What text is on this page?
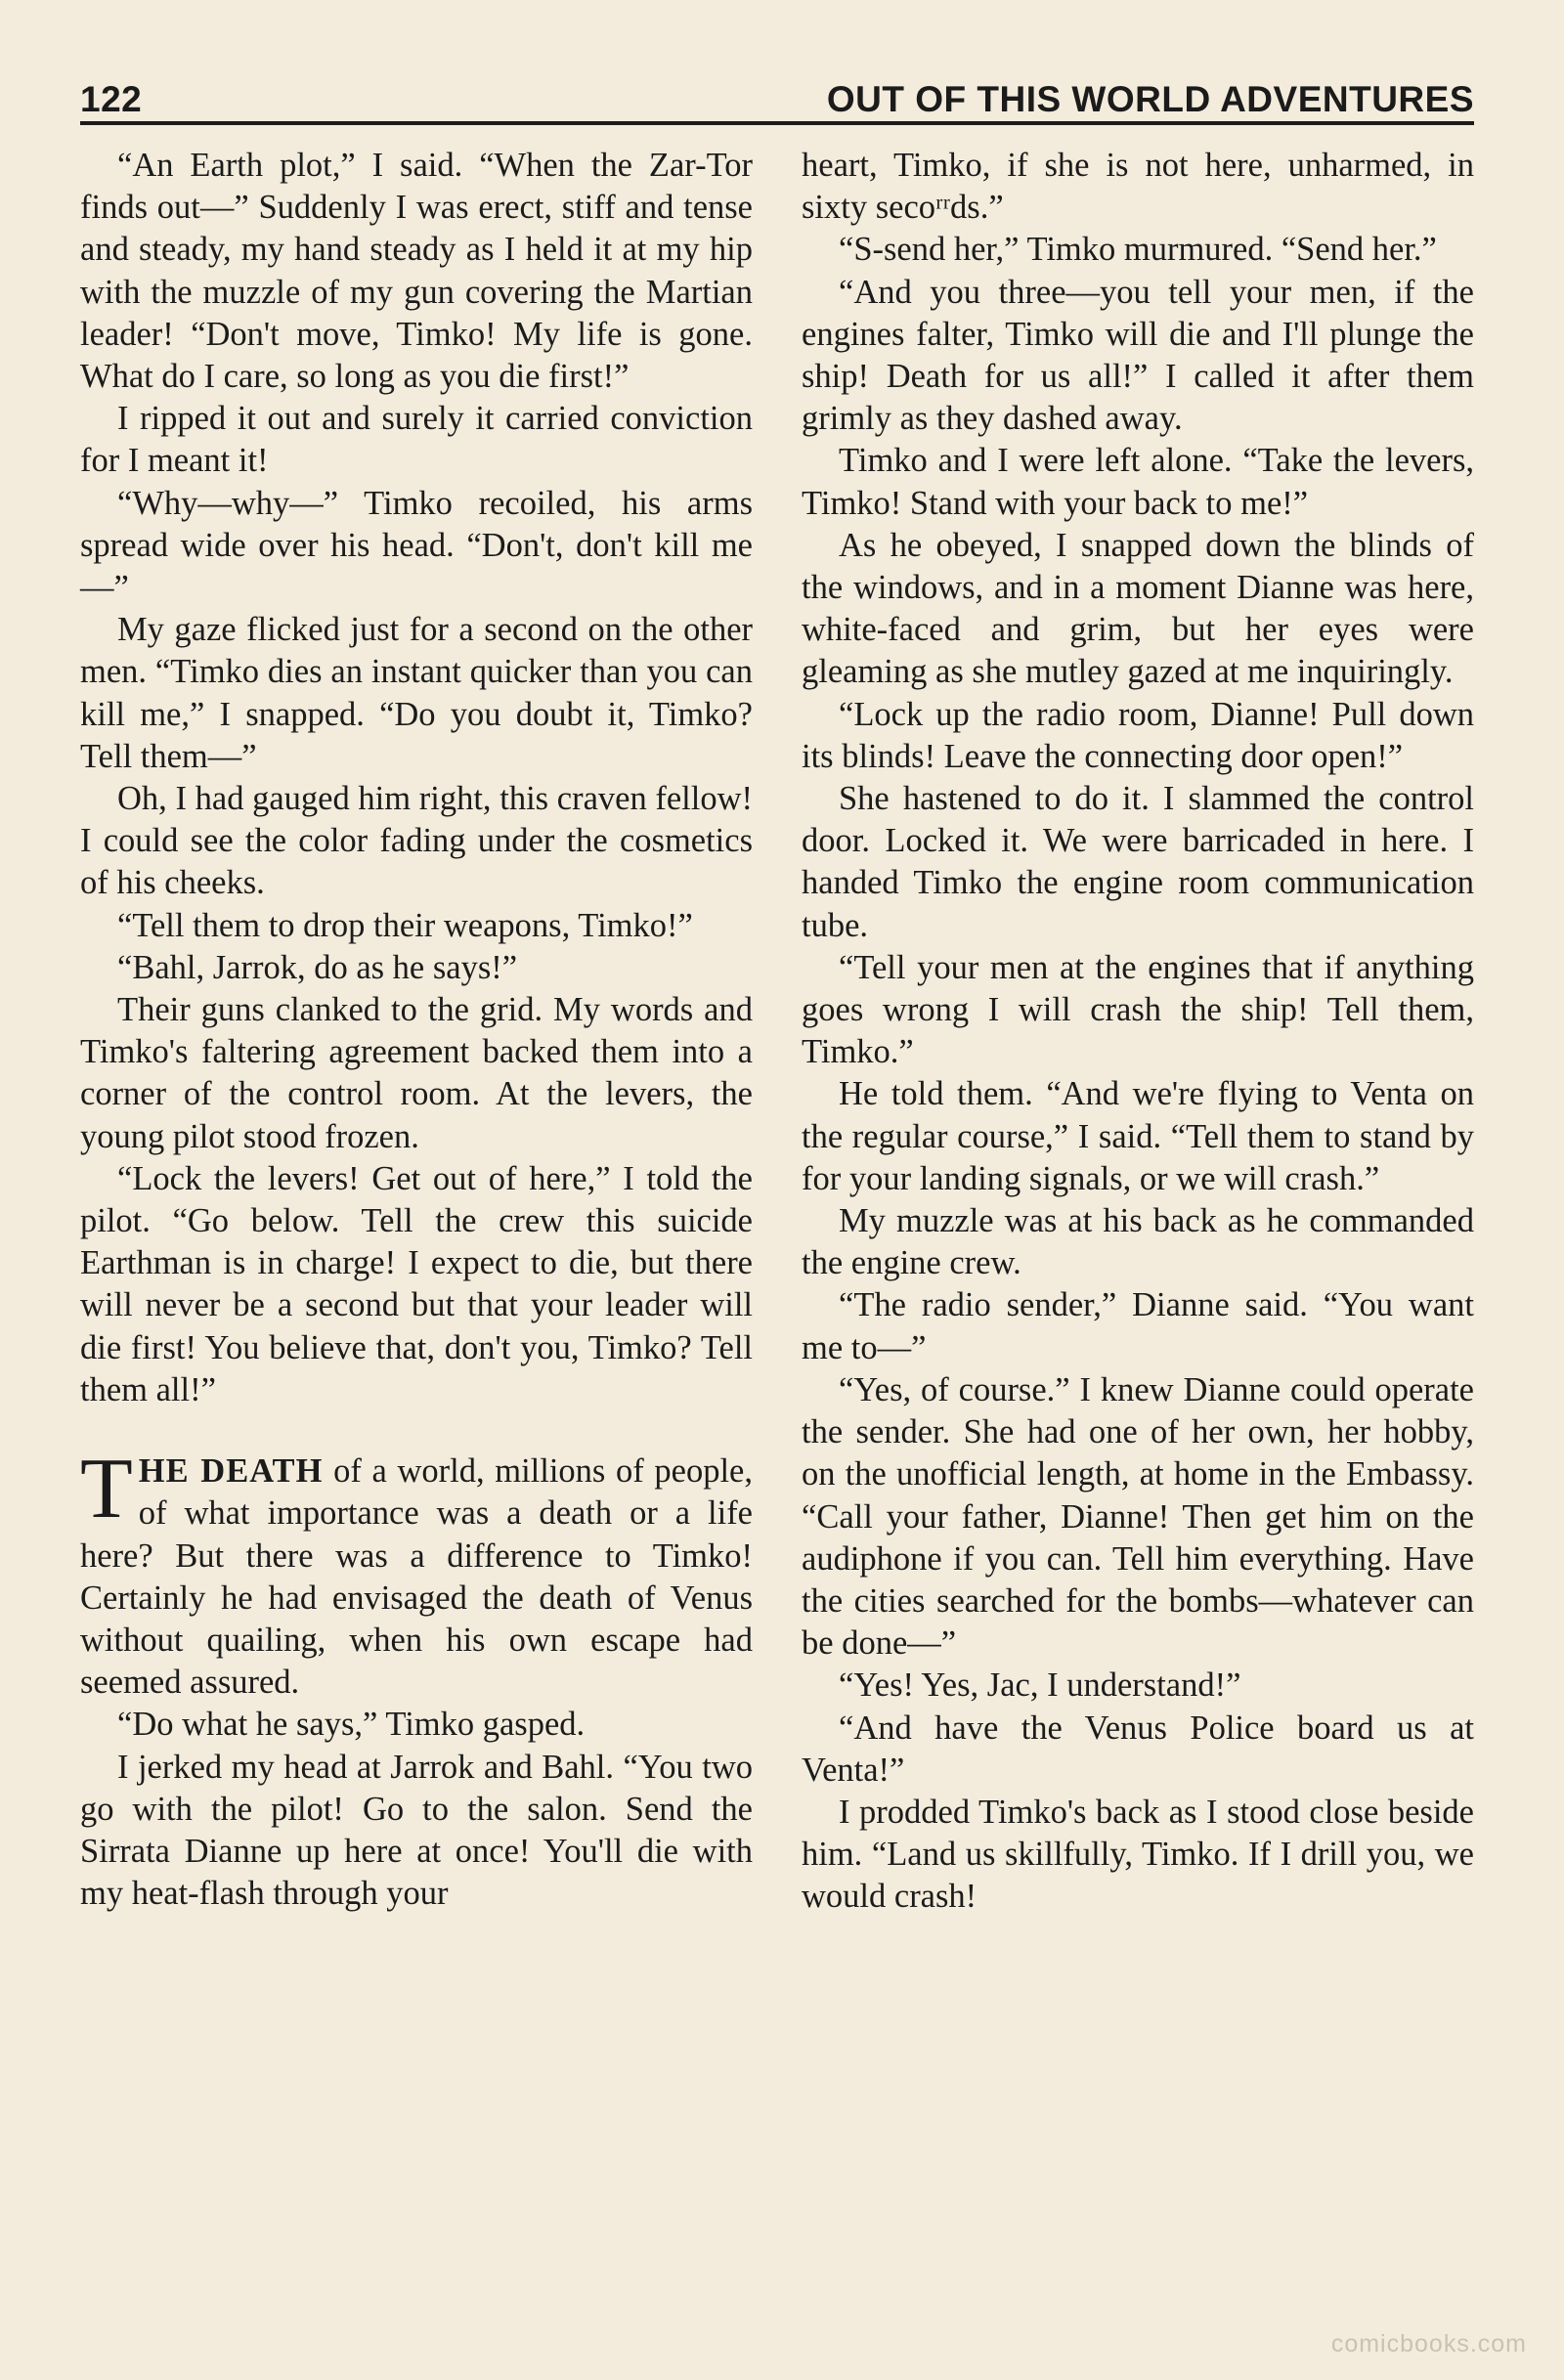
122	OUT OF THIS WORLD ADVENTURES

“An Earth plot,” I said. “When the Zar-Tor finds out—” Suddenly I was erect, stiff and tense and steady, my hand steady as I held it at my hip with the muzzle of my gun covering the Martian leader! “Don't move, Timko! My life is gone. What do I care, so long as you die first!”

I ripped it out and surely it carried conviction for I meant it!

“Why—why—” Timko recoiled, his arms spread wide over his head. “Don't, don't kill me—”

My gaze flicked just for a second on the other men. “Timko dies an instant quicker than you can kill me,” I snapped. “Do you doubt it, Timko? Tell them—”

Oh, I had gauged him right, this craven fellow! I could see the color fading under the cosmetics of his cheeks.

“Tell them to drop their weapons, Timko!”

“Bahl, Jarrok, do as he says!”

Their guns clanked to the grid. My words and Timko's faltering agreement backed them into a corner of the control room. At the levers, the young pilot stood frozen.

“Lock the levers! Get out of here,” I told the pilot. “Go below. Tell the crew this suicide Earthman is in charge! I expect to die, but there will never be a second but that your leader will die first! You believe that, don't you, Timko? Tell them all!”

THE DEATH of a world, millions of people, of what importance was a death or a life here? But there was a difference to Timko! Certainly he had envisaged the death of Venus without quailing, when his own escape had seemed assured.

“Do what he says,” Timko gasped.

I jerked my head at Jarrok and Bahl. “You two go with the pilot! Go to the salon. Send the Sirrata Dianne up here at once! You'll die with my heat-flash through your

heart, Timko, if she is not here, unharmed, in sixty secoʳʳds.”

“S-send her,” Timko murmured. “Send her.”

“And you three—you tell your men, if the engines falter, Timko will die and I'll plunge the ship! Death for us all!” I called it after them grimly as they dashed away.

Timko and I were left alone. “Take the levers, Timko! Stand with your back to me!”

As he obeyed, I snapped down the blinds of the windows, and in a moment Dianne was here, white-faced and grim, but her eyes were gleaming as she mutley gazed at me inquiringly.

“Lock up the radio room, Dianne! Pull down its blinds! Leave the connecting door open!”

She hastened to do it. I slammed the control door. Locked it. We were barricaded in here. I handed Timko the engine room communication tube.

“Tell your men at the engines that if anything goes wrong I will crash the ship! Tell them, Timko.”

He told them. “And we're flying to Venta on the regular course,” I said. “Tell them to stand by for your landing signals, or we will crash.”

My muzzle was at his back as he commanded the engine crew.

“The radio sender,” Dianne said. “You want me to—”

“Yes, of course.” I knew Dianne could operate the sender. She had one of her own, her hobby, on the unofficial length, at home in the Embassy. “Call your father, Dianne! Then get him on the audiphone if you can. Tell him everything. Have the cities searched for the bombs—whatever can be done—”

“Yes! Yes, Jac, I understand!”

“And have the Venus Police board us at Venta!”

I prodded Timko's back as I stood close beside him. “Land us skillfully, Timko. If I drill you, we would crash!

comicbooks.com
